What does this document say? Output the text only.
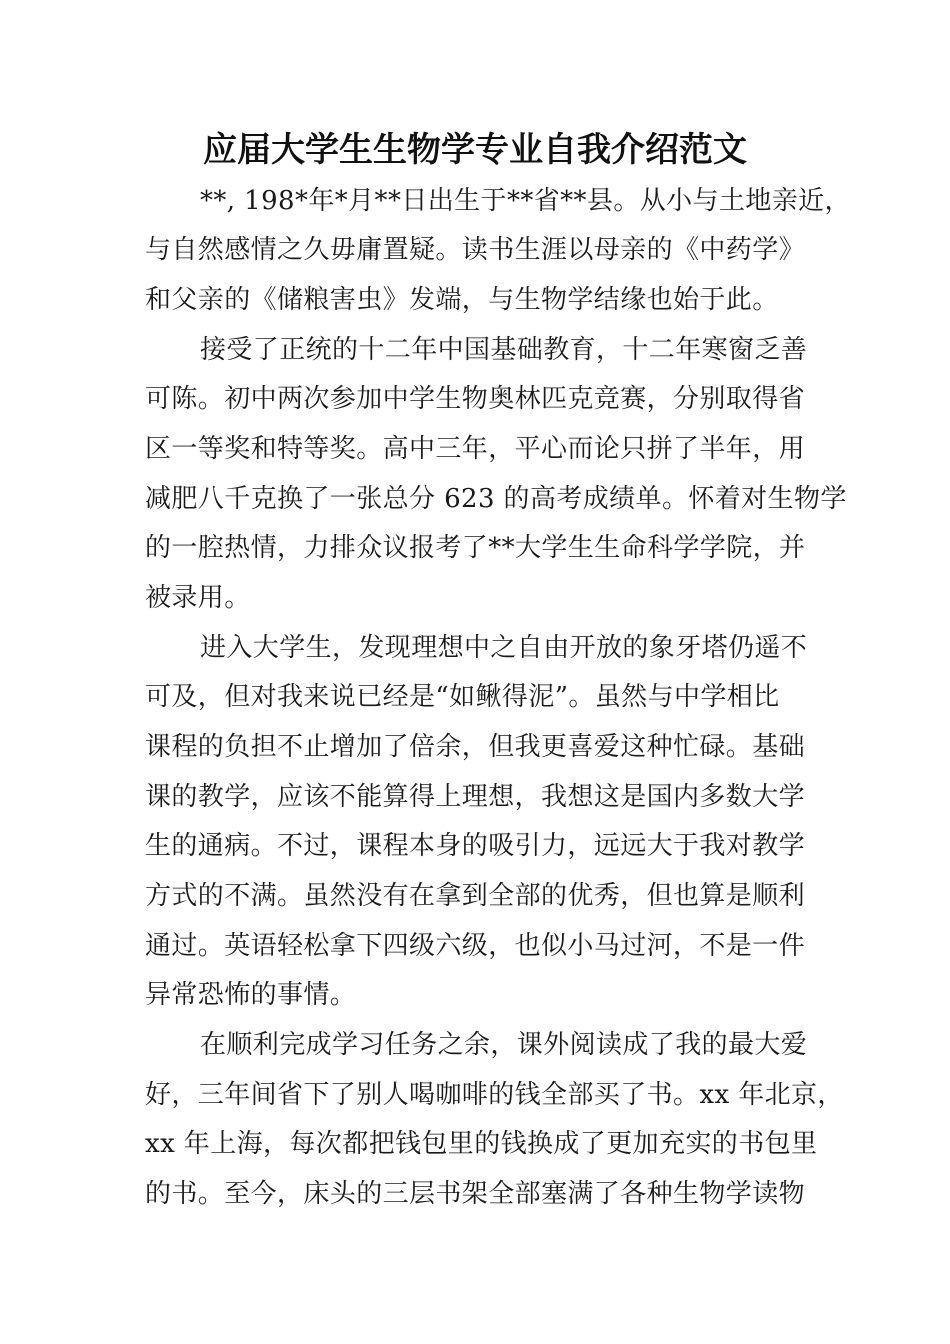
应届大学生生物学专业自我介绍范文
**, 198*年*月**日出生于**省**县。从小与土地亲近，
与自然感情之久毋庸置疑。读书生涯以母亲的《中药学》
和父亲的《储粮害虫》发端，与生物学结缘也始于此。
接受了正统的十二年中国基础教育，十二年寒窗乏善
可陈。初中两次参加中学生物奥林匹克竞赛，分别取得省
区一等奖和特等奖。高中三年，平心而论只拼了半年，用
减肥八千克换了一张总分 623 的高考成绩单。怀着对生物学
的一腔热情，力排众议报考了**大学生生命科学学院，并
被录用。
进入大学生，发现理想中之自由开放的象牙塔仍遥不
可及，但对我来说已经是“如鳅得泥”。虽然与中学相比
课程的负担不止增加了倍余，但我更喜爱这种忙碌。基础
课的教学，应该不能算得上理想，我想这是国内多数大学
生的通病。不过，课程本身的吸引力，远远大于我对教学
方式的不满。虽然没有在拿到全部的优秀，但也算是顺利
通过。英语轻松拿下四级六级，也似小马过河，不是一件
异常恐怖的事情。
在顺利完成学习任务之余，课外阅读成了我的最大爱
好，三年间省下了别人喝咖啡的钱全部买了书。xx 年北京，
xx 年上海，每次都把钱包里的钱换成了更加充实的书包里
的书。至今，床头的三层书架全部塞满了各种生物学读物
